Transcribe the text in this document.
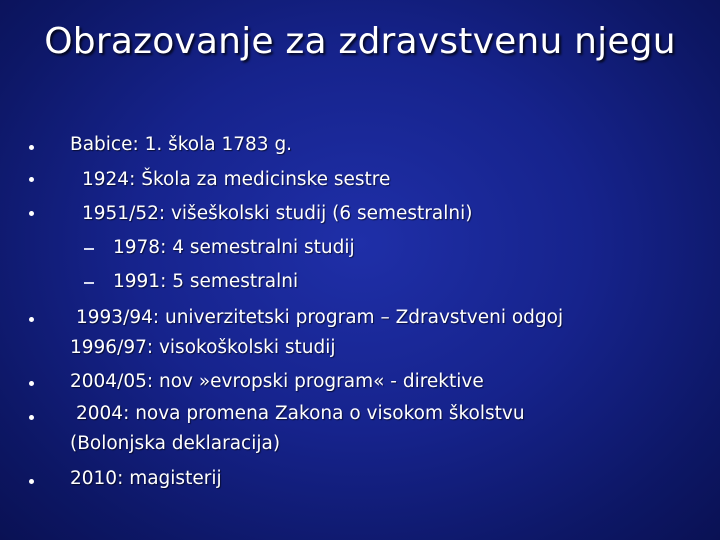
Obrazovanje za zdravstvenu njegu
Babice: 1. škola 1783 g.
1924: Škola za medicinske sestre
1951/52: višeškolski studij (6 semestralni)
1978: 4 semestralni studij
1991: 5 semestralni
1993/94: univerzitetski program – Zdravstveni odgoj
1996/97: visokoškolski studij
2004/05: nov »evropski program« - direktive
2004: nova promena Zakona o visokom školstvu
(Bolonjska deklaracija)
2010: magisterij
